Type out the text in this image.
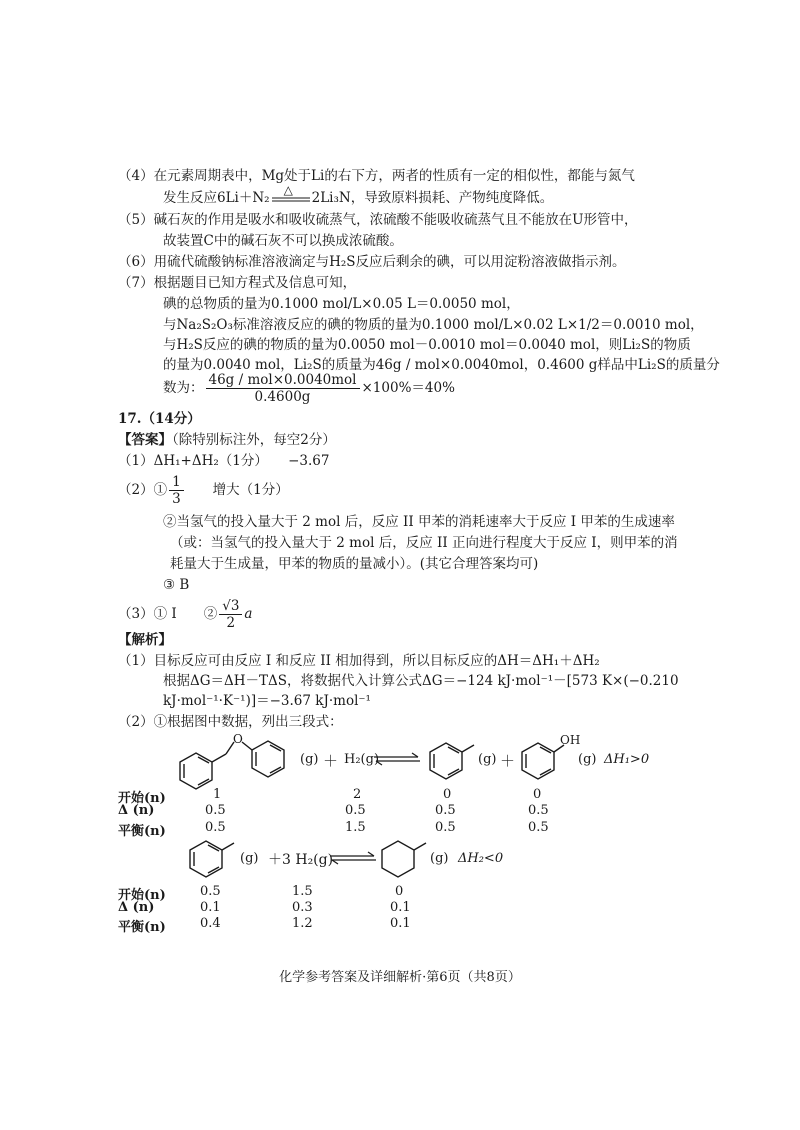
（4）在元素周期表中，Mg处于Li的右下方，两者的性质有一定的相似性，都能与氮气
发生反应6Li＋N₂ △ 2Li₃N，导致原料损耗、产物纯度降低。
（5）碱石灰的作用是吸水和吸收硫蒸气，浓硫酸不能吸收硫蒸气且不能放在U形管中，
故装置C中的碱石灰不可以换成浓硫酸。
（6）用硫代硫酸钠标准溶液滴定与H₂S反应后剩余的碘，可以用淀粉溶液做指示剂。
（7）根据题目已知方程式及信息可知，
碘的总物质的量为0.1000 mol/L×0.05 L＝0.0050 mol，
与Na₂S₂O₃标准溶液反应的碘的物质的量为0.1000 mol/L×0.02 L×1/2＝0.0010 mol，
与H₂S反应的碘的物质的量为0.0050 mol－0.0010 mol＝0.0040 mol，则Li₂S的物质
的量为0.0040 mol，Li₂S的质量为46g / mol×0.0040mol，0.4600 g样品中Li₂S的质量分
数为： $\frac{\text{46g / mol×0.0040mol}}{0.4600g} \times 100\%=40\%$
17.（14分）
【答案】（除特别标注外，每空2分）
（1）ΔH₁+ΔH₂（1分）　　−3.67
（2）① $\frac{1}{3}$ 　　增大（1分）
②当氢气的投入量大于 2 mol 后，反应 II 甲苯的消耗速率大于反应 I 甲苯的生成速率
（或：当氢气的投入量大于 2 mol 后，反应 II 正向进行程度大于反应 I，则甲苯的消
耗量大于生成量，甲苯的物质的量减小）。(其它合理答案均可)
③ B
（3）① I　　② $\frac{√3}{2}$ a
【解析】
（1）目标反应可由反应 I 和反应 II 相加得到，所以目标反应的ΔH＝ΔH₁＋ΔH₂
根据ΔG＝ΔH－TΔS，将数据代入计算公式ΔG＝−124 kJ·mol⁻¹－[573 K×(−0.210
kJ·mol⁻¹·K⁻¹)]＝−3.67 kJ·mol⁻¹
（2）①根据图中数据，列出三段式：
O
(g) ＋ H₂(g)	(g) ＋
OH
(g) ΔH₁>0
开始(n)	1	2	0	0
Δ (n)	0.5	0.5	0.5	0.5
平衡(n)	0.5	1.5	0.5	0.5
(g) ＋3 H₂(g)	(g) ΔH₂<0
开始(n)	0.5	1.5	0
Δ (n)	0.1	0.3	0.1
平衡(n)	0.4	1.2	0.1
化学参考答案及详细解析·第6页（共8页）
